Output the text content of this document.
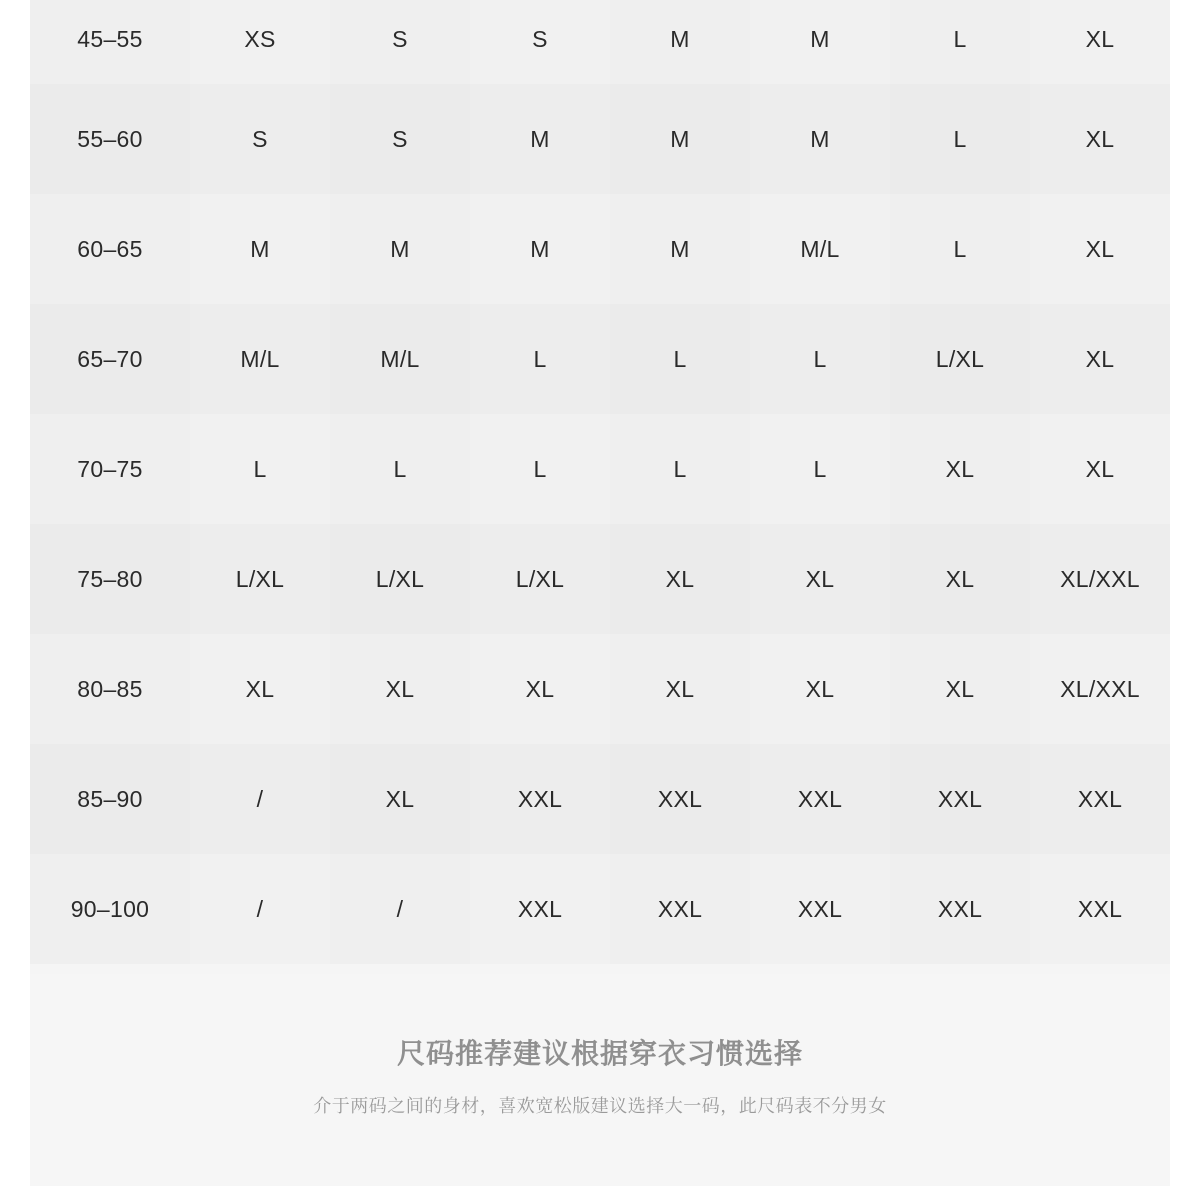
45–55	XS	S	S	M	M	L	XL
55–60	S	S	M	M	M	L	XL
60–65	M	M	M	M	M/L	L	XL
65–70	M/L	M/L	L	L	L	L/XL	XL
70–75	L	L	L	L	L	XL	XL
75–80	L/XL	L/XL	L/XL	XL	XL	XL	XL/XXL
80–85	XL	XL	XL	XL	XL	XL	XL/XXL
85–90	/	XL	XXL	XXL	XXL	XXL	XXL
90–100	/	/	XXL	XXL	XXL	XXL	XXL
尺码推荐建议根据穿衣习惯选择
介于两码之间的身材，喜欢宽松版建议选择大一码，此尺码表不分男女
